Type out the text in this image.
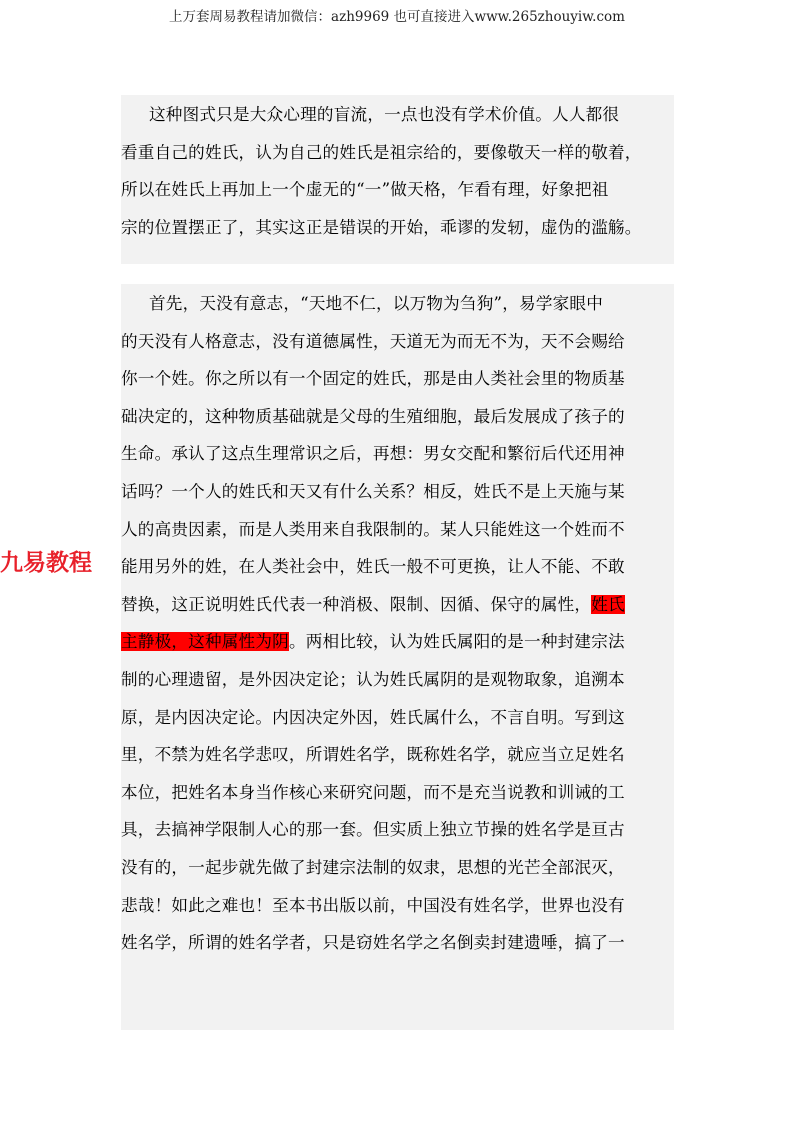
上万套周易教程请加微信：azh9969 也可直接进入www.265zhouyiw.com
这种图式只是大众心理的盲流，一点也没有学术价值。人人都很
看重自己的姓氏，认为自己的姓氏是祖宗给的，要像敬天一样的敬着，
所以在姓氏上再加上一个虚无的“一”做天格，乍看有理，好象把祖
宗的位置摆正了，其实这正是错误的开始，乖谬的发轫，虚伪的滥觞。
首先，天没有意志，“天地不仁，以万物为刍狗”，易学家眼中
的天没有人格意志，没有道德属性，天道无为而无不为，天不会赐给
你一个姓。你之所以有一个固定的姓氏，那是由人类社会里的物质基
础决定的，这种物质基础就是父母的生殖细胞，最后发展成了孩子的
生命。承认了这点生理常识之后，再想：男女交配和繁衍后代还用神
话吗？一个人的姓氏和天又有什么关系？相反，姓氏不是上天施与某
人的高贵因素，而是人类用来自我限制的。某人只能姓这一个姓而不
能用另外的姓，在人类社会中，姓氏一般不可更换，让人不能、不敢
替换，这正说明姓氏代表一种消极、限制、因循、保守的属性，姓氏
主静极，这种属性为阴。两相比较，认为姓氏属阳的是一种封建宗法
制的心理遗留，是外因决定论；认为姓氏属阴的是观物取象，追溯本
原，是内因决定论。内因决定外因，姓氏属什么，不言自明。写到这
里，不禁为姓名学悲叹，所谓姓名学，既称姓名学，就应当立足姓名
本位，把姓名本身当作核心来研究问题，而不是充当说教和训诫的工
具，去搞神学限制人心的那一套。但实质上独立节操的姓名学是亘古
没有的，一起步就先做了封建宗法制的奴隶，思想的光芒全部泯灭，
悲哉！如此之难也！至本书出版以前，中国没有姓名学，世界也没有
姓名学，所谓的姓名学者，只是窃姓名学之名倒卖封建遗唾，搞了一
九易教程
